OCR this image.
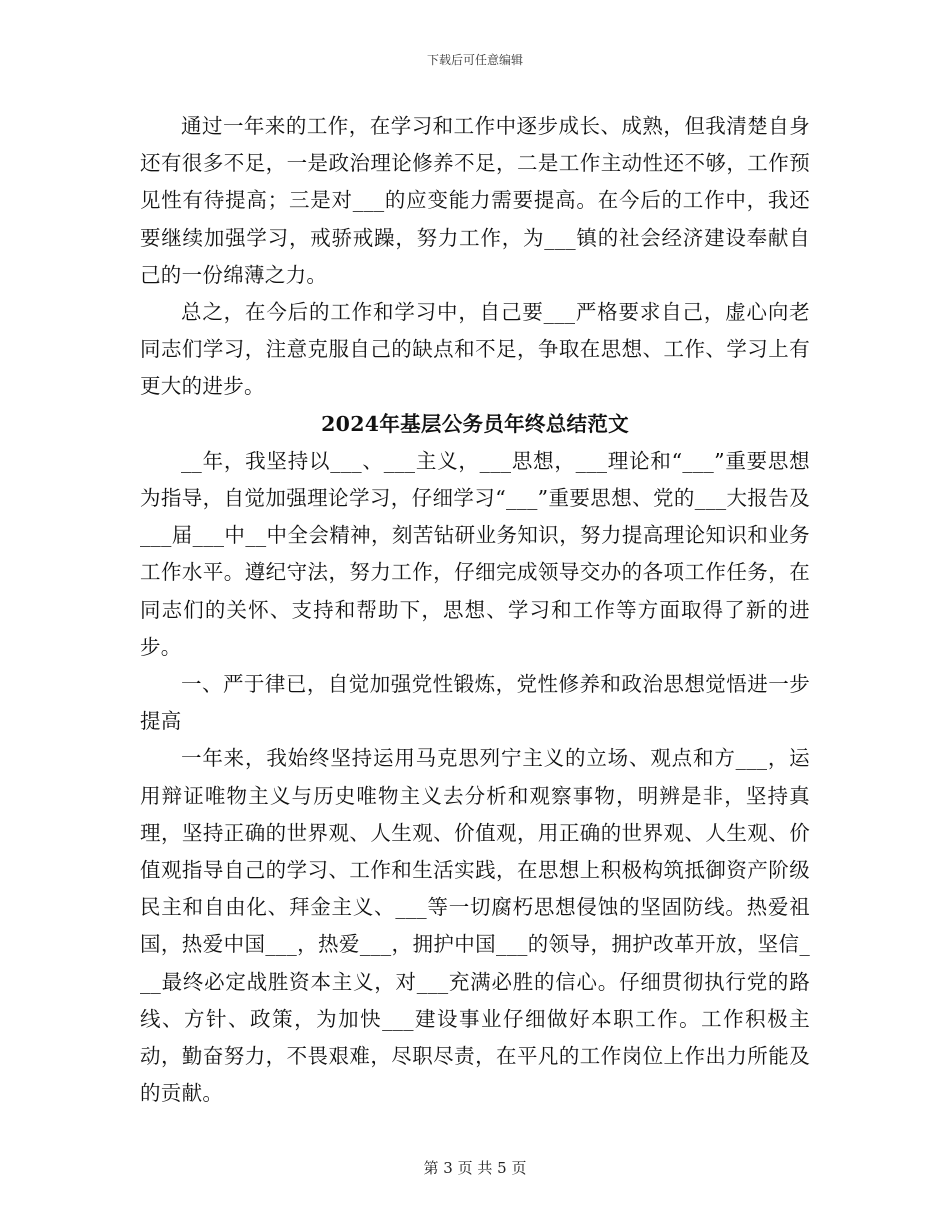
下载后可任意编辑

通过一年来的工作，在学习和工作中逐步成长、成熟，但我清楚自身还有很多不足，一是政治理论修养不足，二是工作主动性还不够，工作预见性有待提高；三是对___的应变能力需要提高。在今后的工作中，我还要继续加强学习，戒骄戒躁，努力工作，为___镇的社会经济建设奉献自己的一份绵薄之力。

总之，在今后的工作和学习中，自己要___严格要求自己，虚心向老同志们学习，注意克服自己的缺点和不足，争取在思想、工作、学习上有更大的进步。

2024年基层公务员年终总结范文

__年，我坚持以___、___主义，___思想，___理论和“___”重要思想为指导，自觉加强理论学习，仔细学习“___”重要思想、党的___大报告及___届___中__中全会精神，刻苦钻研业务知识，努力提高理论知识和业务工作水平。遵纪守法，努力工作，仔细完成领导交办的各项工作任务，在同志们的关怀、支持和帮助下，思想、学习和工作等方面取得了新的进步。

一、严于律已，自觉加强党性锻炼，党性修养和政治思想觉悟进一步提高

一年来，我始终坚持运用马克思列宁主义的立场、观点和方___，运用辩证唯物主义与历史唯物主义去分析和观察事物，明辨是非，坚持真理，坚持正确的世界观、人生观、价值观，用正确的世界观、人生观、价值观指导自己的学习、工作和生活实践，在思想上积极构筑抵御资产阶级民主和自由化、拜金主义、___等一切腐朽思想侵蚀的坚固防线。热爱祖国，热爱中国___，热爱___，拥护中国___的领导，拥护改革开放，坚信___最终必定战胜资本主义，对___充满必胜的信心。仔细贯彻执行党的路线、方针、政策，为加快___建设事业仔细做好本职工作。工作积极主动，勤奋努力，不畏艰难，尽职尽责，在平凡的工作岗位上作出力所能及的贡献。

第 3 页 共 5 页
